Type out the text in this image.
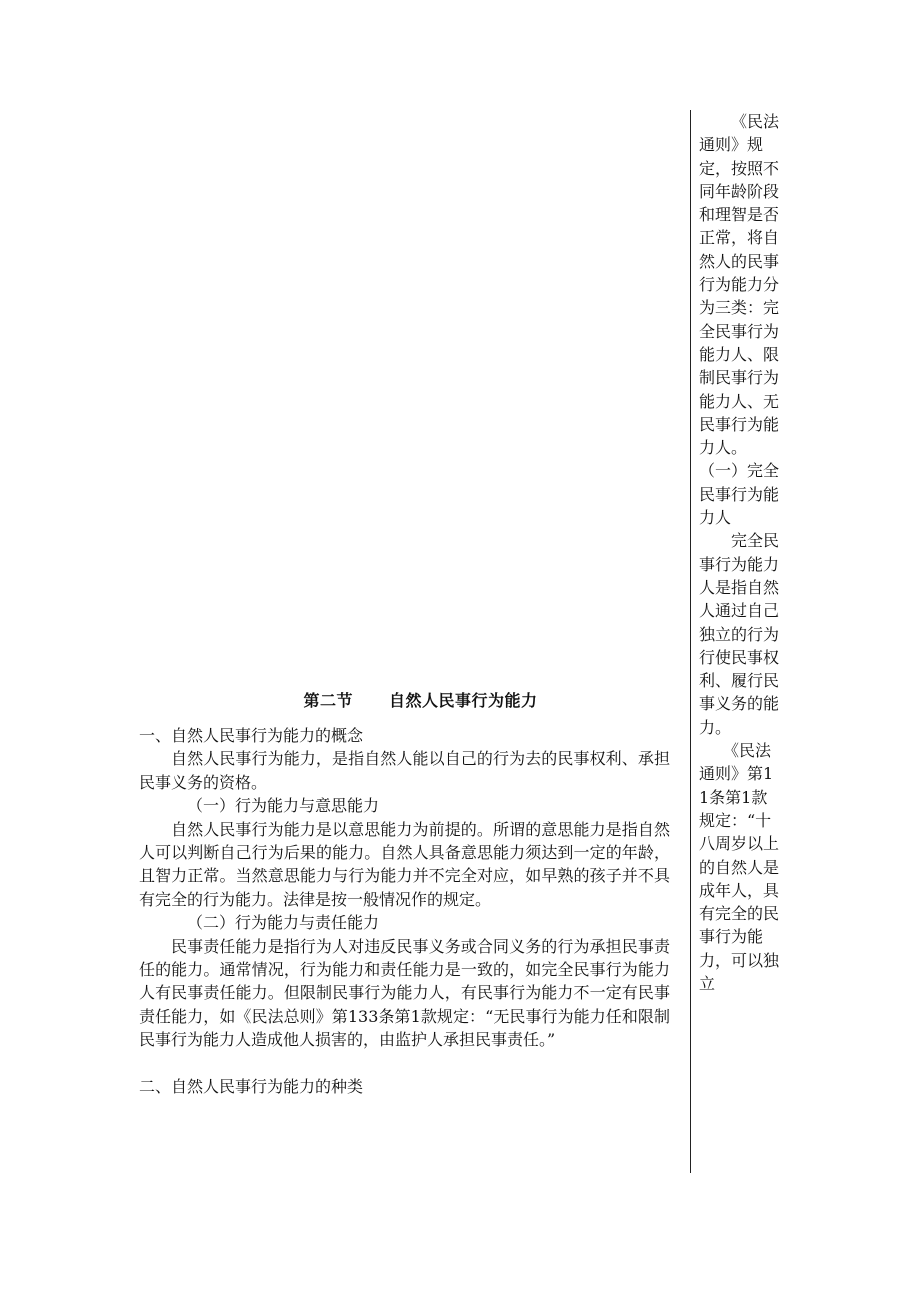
第二节 自然人民事行为能力

一、自然人民事行为能力的概念

自然人民事行为能力，是指自然人能以自己的行为去的民事权利、承担民事义务的资格。

（一）行为能力与意思能力

自然人民事行为能力是以意思能力为前提的。所谓的意思能力是指自然人可以判断自己行为后果的能力。自然人具备意思能力须达到一定的年龄，且智力正常。当然意思能力与行为能力并不完全对应，如早熟的孩子并不具有完全的行为能力。法律是按一般情况作的规定。

（二）行为能力与责任能力

民事责任能力是指行为人对违反民事义务或合同义务的行为承担民事责任的能力。通常情况，行为能力和责任能力是一致的，如完全民事行为能力人有民事责任能力。但限制民事行为能力人，有民事行为能力不一定有民事责任能力，如《民法总则》第133条第1款规定：“无民事行为能力任和限制民事行为能力人造成他人损害的，由监护人承担民事责任。”

二、自然人民事行为能力的种类

《民法通则》规定，按照不同年龄阶段和理智是否正常，将自然人的民事行为能力分为三类：完全民事行为能力人、限制民事行为能力人、无民事行为能力人。

（一）完全民事行为能力人

完全民事行为能力人是指自然人通过自己独立的行为行使民事权利、履行民事义务的能力。

《民法通则》第11条第1款规定：“十八周岁以上的自然人是成年人，具有完全的民事行为能力，可以独立
